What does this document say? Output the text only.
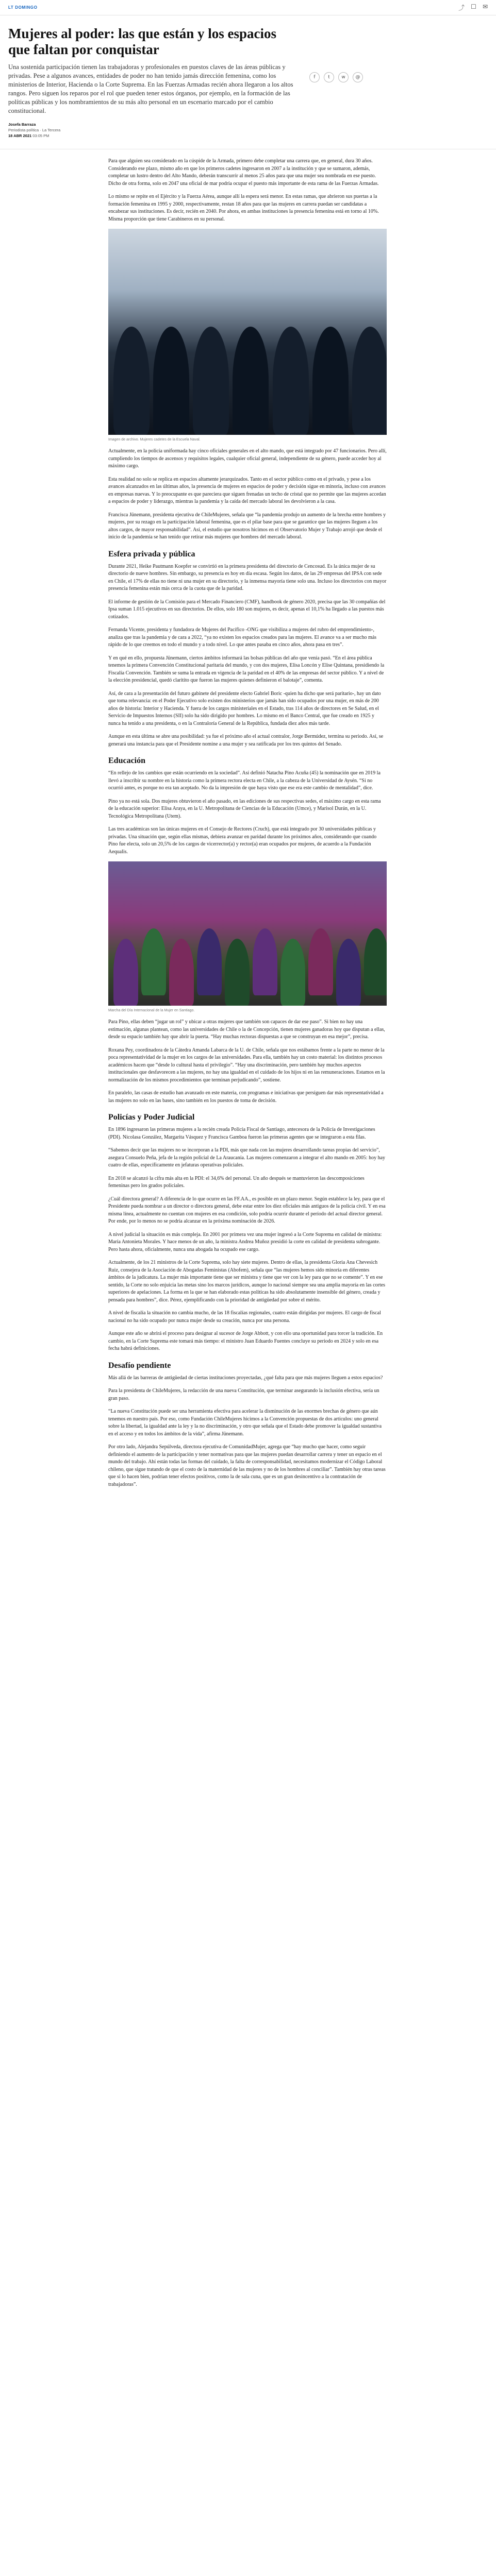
LT DOMINGO	⤴ ☐ ✉
Mujeres al poder: las que están y los espacios que faltan por conquistar

Una sostenida participación tienen las trabajadoras y profesionales en puestos claves de las áreas públicas y privadas. Pese a algunos avances, entidades de poder no han tenido jamás dirección femenina, como los ministerios de Interior, Hacienda o la Corte Suprema. En las Fuerzas Armadas recién ahora llegaron a los altos rangos. Pero siguen los reparos por el rol que pueden tener estos órganos, por ejemplo, en la formación de las políticas públicas y los nombramientos de su más alto personal en un escenario marcado por el cambio constitucional.

Josefa Barraza
Periodista política · La Tercera
18 ABR 2021 03:05 PM
f	t	w	@

Para que alguien sea considerado en la cúspide de la Armada, primero debe completar una carrera que, en general, dura 30 años. Considerando ese plazo, mismo año en que los primeros cadetes ingresaron en 2007 a la institución y que se sumaron, además, completar un lustro dentro del Alto Mando, deberán transcurrir al menos 25 años para que una mujer sea nombrada en ese puesto. Dicho de otra forma, solo en 2047 una oficial de mar podría ocupar el puesto más importante de esta rama de las Fuerzas Armadas.

Lo mismo se repite en el Ejército y la Fuerza Aérea, aunque allí la espera será menor. En estas ramas, que abrieron sus puertas a la formación femenina en 1995 y 2000, respectivamente, restan 18 años para que las mujeres en carrera puedan ser candidatas a encabezar sus instituciones. Es decir, recién en 2040. Por ahora, en ambas instituciones la presencia femenina está en torno al 10%. Misma proporción que tiene Carabineros en su personal.

Imagen de archivo. Mujeres cadetes de la Escuela Naval.

Actualmente, en la policía uniformada hay cinco oficiales generales en el alto mando, que está integrado por 47 funcionarios. Pero allí, cumpliendo los tiempos de ascensos y requisitos legales, cualquier oficial general, independiente de su género, puede acceder hoy al máximo cargo.

Esta realidad no solo se replica en espacios altamente jerarquizados. Tanto en el sector público como en el privado, y pese a los avances alcanzados en las últimas años, la presencia de mujeres en espacios de poder y decisión sigue en minoría, incluso con avances en empresas nuevas. Y lo preocupante es que pareciera que siguen frenadas un techo de cristal que no permite que las mujeres accedan a espacios de poder y liderazgo, mientras la pandemia y la caída del mercado laboral les devolvieron a la casa.

Francisca Jünemann, presidenta ejecutiva de ChileMujeres, señala que “la pandemia produjo un aumento de la brecha entre hombres y mujeres, por su rezago en la participación laboral femenina, que es el pilar base para que se garantice que las mujeres lleguen a los altos cargos, de mayor responsabilidad”. Así, el estudio que nosotros hicimos en el Observatorio Mujer y Trabajo arrojó que desde el inicio de la pandemia se han tenido que retirar más mujeres que hombres del mercado laboral.

Esfera privada y pública

Durante 2021, Heike Pautmann Koepfer se convirtió en la primera presidenta del directorio de Cencosud. Es la única mujer de su directorio de nueve hombres. Sin embargo, su presencia es hoy en día escasa. Según los datos, de las 29 empresas del IPSA con sede en Chile, el 17% de ellas no tiene ni una mujer en su directorio, y la inmensa mayoría tiene solo una. Incluso los directorios con mayor presencia femenina están más cerca de la cuota que de la paridad.

El informe de gestión de la Comisión para el Mercado Financiero (CMF), handbook de género 2020, precisa que las 30 compañías del Ipsa suman 1.015 ejecutivos en sus directorios. De ellos, solo 180 son mujeres, es decir, apenas el 10,1% ha llegado a las puestos más cotizados.

Fernanda Vicente, presidenta y fundadora de Mujeres del Pacífico -ONG que visibiliza a mujeres del rubro del emprendimiento-, analiza que tras la pandemia y de cara a 2022, “ya no existen los espacios creados para las mujeres. El avance va a ser mucho más rápido de lo que creemos en todo el mundo y a todo nivel. Lo que antes pasaba en cinco años, ahora pasa en tres”.

Y en qué en ello, propuesta Jünemann, ciertos ámbitos informará las bolsas públicas del año que venía pasó. “En el área pública tenemos la primera Convención Constitucional paritaria del mundo, y con dos mujeres, Elisa Loncón y Elise Quintana, presidiendo la Fiscalía Convención. También se suma la entrada en vigencia de la paridad en el 40% de las empresas del sector público. Y a nivel de la elección presidencial, quedó claritito que fueron las mujeres quienes definieron el balotaje”, comenta.

Así, de cara a la presentación del futuro gabinete del presidente electo Gabriel Boric -quien ha dicho que será paritario-, hay un dato que toma relevancia: en el Poder Ejecutivo solo existen dos ministerios que jamás han sido ocupados por una mujer, en más de 200 años de historia: Interior y Hacienda. Y fuera de los cargos ministeriales en el Estado, tras 114 años de directores en Se Salud, en el Servicio de Impuestos Internos (SII) solo ha sido dirigido por hombres. Lo mismo en el Banco Central, que fue creado en 1925 y nunca ha tenido a una presidenta, o en la Contraloría General de la República, fundada diez años más tarde.

Aunque en esta última se abre una posibilidad: ya fue el próximo año el actual contralor, Jorge Bermúdez, termina su periodo. Así, se generará una instancia para que el Presidente nomine a una mujer y sea ratificada por los tres quintos del Senado.

Educación

“En rellejo de los cambios que están ocurriendo en la sociedad”. Así definió Natacha Pino Acuña (45) la nominación que en 2019 la llevó a inscribir su nombre en la historia como la primera rectora electa en Chile, a la cabeza de la Universidad de Aysén. “Si no ocurrió antes, es porque no era tan aceptado. No da la impresión de que haya visto que ese era este cambio de mentalidad”, dice.

Pino ya no está sola. Dos mujeres obtuvieron el año pasado, en las ediciones de sus respectivas sedes, el máximo cargo en esta rama de la educación superior: Elisa Araya, en la U. Metropolitana de Ciencias de la Educación (Umce), y Marisol Durán, en la U. Tecnológica Metropolitana (Utem).

Las tres académicas son las únicas mujeres en el Consejo de Rectores (Cruch), que está integrado por 30 universidades públicas y privadas. Una situación que, según ellas mismas, debiera avanzar en paridad durante los próximos años, considerando que cuando Pino fue electa, solo un 20,5% de los cargos de vicerrector(a) y rector(a) eran ocupados por mujeres, de acuerdo a la Fundación Aequalis.

Marcha del Día Internacional de la Mujer en Santiago.

Para Pino, ellas deben “jugar un rol” y ubicar a otras mujeres que también son capaces de dar ese paso”. Si bien no hay una estimación, algunas plantean, como las universidades de Chile o la de Concepción, tienen mujeres ganadoras hoy que disputan a ellas, desde su espacio también hay que abrir la puerta. “Hay muchas rectoras dispuestas a que se construyan en esa mejor”, precisa.

Roxana Pey, coordinadora de la Cátedra Amanda Labarca de la U. de Chile, señala que nos estábamos frente a la parte no menor de la poca representatividad de la mujer en los cargos de las universidades. Para ella, también hay un costo material: los distintos procesos académicos hacen que “desde lo cultural hasta el privilegio”. “Hay una discriminación, pero también hay muchos aspectos institucionales que desfavorecen a las mujeres, no hay una igualdad en el cuidado de los hijos ni en las remuneraciones. Estamos en la normalización de los mismos procedimientos que terminan perjudicando”, sostiene.

En paralelo, las casas de estudio han avanzado en este materia, con programas e iniciativas que persiguen dar más representatividad a las mujeres no solo en las bases, sino también en los puestos de toma de decisión.

Policías y Poder Judicial

En 1896 ingresaron las primeras mujeres a la recién creada Policía Fiscal de Santiago, antecesora de la Policía de Investigaciones (PDI). Nicolasa González, Margarita Vásquez y Francisca Gamboa fueron las primeras agentes que se integraron a esta filas.

“Sabemos decir que las mujeres no se incorporan a la PDI, más que nada con las mujeres desarrollando tareas propias del servicio”, asegura Consuelo Peña, jefa de la región policial de La Araucanía. Las mujeres comenzaron a integrar el alto mando en 2005: hoy hay cuatro de ellas, específicamente en jefaturas operativas policiales.

En 2018 se alcanzó la cifra más alta en la PDI: el 34,6% del personal. Un año después se mantuvieron las descomposiciones femeninas pero los grados policiales.

¿Cuál directora general? A diferencia de lo que ocurre en las FF.AA., es posible en un plazo menor. Según establece la ley, para que el Presidente pueda nombrar a un director o directora general, debe estar entre los diez oficiales más antiguos de la policía civil. Y en esa misma línea, actualmente no cuentan con mujeres en esa condición, solo podría ocurrir durante el período del actual director general. Por ende, por lo menos no se podría alcanzar en la próxima nominación de 2026.

A nivel judicial la situación es más compleja. En 2001 por primera vez una mujer ingresó a la Corte Suprema en calidad de ministra: María Antonieta Morales. Y hace menos de un año, la ministra Andrea Muñoz presidió la corte en calidad de presidenta subrogante. Pero hasta ahora, oficialmente, nunca una abogada ha ocupado ese cargo.

Actualmente, de los 21 ministros de la Corte Suprema, solo hay siete mujeres. Dentro de ellas, la presidenta Gloria Ana Chevesich Ruiz, consejera de la Asociación de Abogadas Feministas (Abofem), señala que “las mujeres hemos sido minoría en diferentes ámbitos de la judicatura. La mujer más importante tiene que ser ministra y tiene que ver con la ley para que no se comente”. Y en ese sentido, la Corte no solo enjuicia las metas sino los marcos jurídicos, aunque lo nacional siempre sea una amplia mayoría en las cortes superiores de apelaciones. La forma en la que se han elaborado estas políticas ha sido absolutamente insensible del género, creada y pensada para hombres”, dice. Pérez, ejemplificando con la prioridad de antigüedad por sobre el mérito.

A nivel de fiscalía la situación no cambia mucho, de las 18 fiscalías regionales, cuatro están dirigidas por mujeres. El cargo de fiscal nacional no ha sido ocupado por nunca mujer desde su creación, nunca por una persona.

Aunque este año se abrirá el proceso para designar al sucesor de Jorge Abbott, y con ello una oportunidad para torcer la tradición. En cambio, en la Corte Suprema este tomará más tiempo: el ministro Juan Eduardo Fuentes concluye su periodo en 2024 y solo en esa fecha habrá definiciones.

Desafío pendiente

Más allá de las barreras de antigüedad de ciertas instituciones proyectadas, ¿qué falta para que más mujeres lleguen a estos espacios?

Para la presidenta de ChileMujeres, la redacción de una nueva Constitución, que terminar asegurando la inclusión efectiva, sería un gran paso.

“La nueva Constitución puede ser una herramienta efectiva para acelerar la disminución de las enormes brechas de género que aún tenemos en nuestro país. Por eso, como Fundación ChileMujeres hicimos a la Convención propuestas de dos artículos: uno general sobre la libertad, la igualdad ante la ley y la no discriminación, y otro que señala que el Estado debe promover la igualdad sustantiva en el acceso y en todos los ámbitos de la vida”, afirma Jünemann.

Por otro lado, Alejandra Sepúlveda, directora ejecutiva de ComunidadMujer, agrega que “hay mucho que hacer, como seguir definiendo el aumento de la participación y tener normativas para que las mujeres puedan desarrollar carrera y tener un espacio en el mundo del trabajo. Ahí están todas las formas del cuidado, la falta de corresponsabilidad, necesitamos modernizar el Código Laboral chileno, que sigue tratando de que el costo de la maternidad de las mujeres y no de los hombres al conciliar”. También hay otras tareas que si lo hacen bien, podrían tener efectos positivos, como la de sala cuna, que es un gran desincentivo a la contratación de trabajadoras”.
